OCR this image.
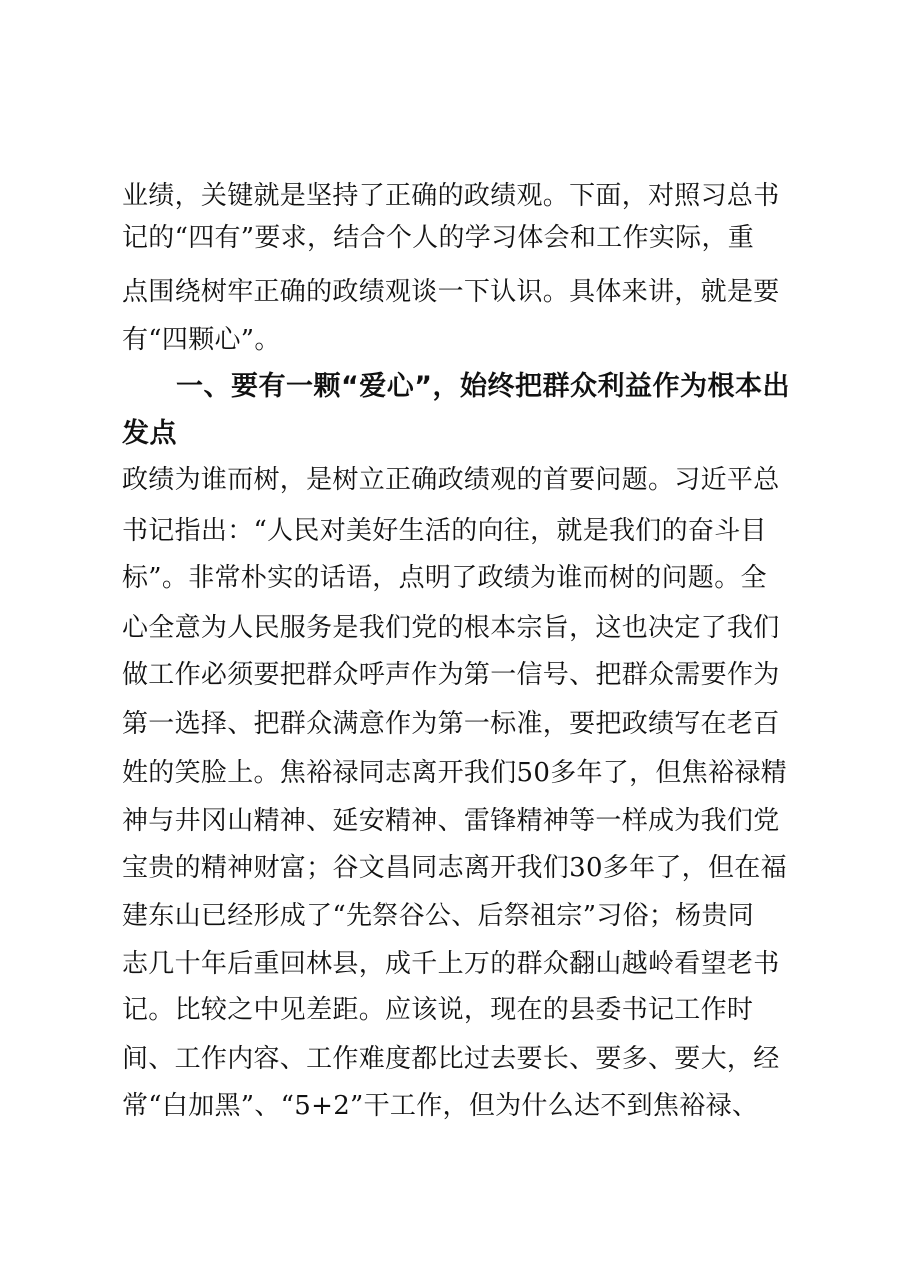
业绩，关键就是坚持了正确的政绩观。下面，对照习总书
记的“四有”要求，结合个人的学习体会和工作实际，重
点围绕树牢正确的政绩观谈一下认识。具体来讲，就是要
有“四颗心”。
一、要有一颗“爱心”，始终把群众利益作为根本出
发点
政绩为谁而树，是树立正确政绩观的首要问题。习近平总
书记指出：“人民对美好生活的向往，就是我们的奋斗目
标”。非常朴实的话语，点明了政绩为谁而树的问题。全
心全意为人民服务是我们党的根本宗旨，这也决定了我们
做工作必须要把群众呼声作为第一信号、把群众需要作为
第一选择、把群众满意作为第一标准，要把政绩写在老百
姓的笑脸上。焦裕禄同志离开我们50多年了，但焦裕禄精
神与井冈山精神、延安精神、雷锋精神等一样成为我们党
宝贵的精神财富；谷文昌同志离开我们30多年了，但在福
建东山已经形成了“先祭谷公、后祭祖宗”习俗；杨贵同
志几十年后重回林县，成千上万的群众翻山越岭看望老书
记。比较之中见差距。应该说，现在的县委书记工作时
间、工作内容、工作难度都比过去要长、要多、要大，经
常“白加黑”、“5+2”干工作，但为什么达不到焦裕禄、
